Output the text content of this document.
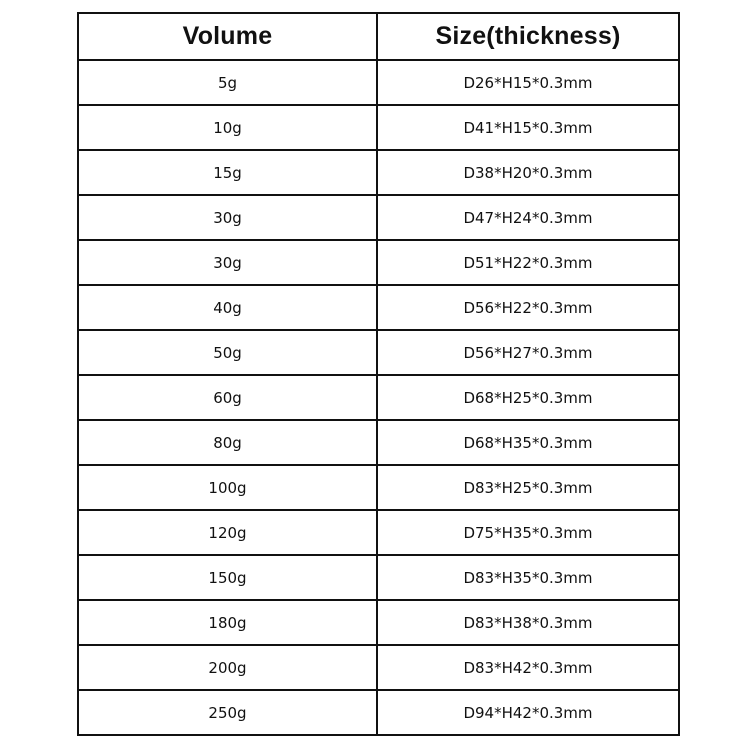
Volume	Size(thickness)
5g	D26*H15*0.3mm
10g	D41*H15*0.3mm
15g	D38*H20*0.3mm
30g	D47*H24*0.3mm
30g	D51*H22*0.3mm
40g	D56*H22*0.3mm
50g	D56*H27*0.3mm
60g	D68*H25*0.3mm
80g	D68*H35*0.3mm
100g	D83*H25*0.3mm
120g	D75*H35*0.3mm
150g	D83*H35*0.3mm
180g	D83*H38*0.3mm
200g	D83*H42*0.3mm
250g	D94*H42*0.3mm
